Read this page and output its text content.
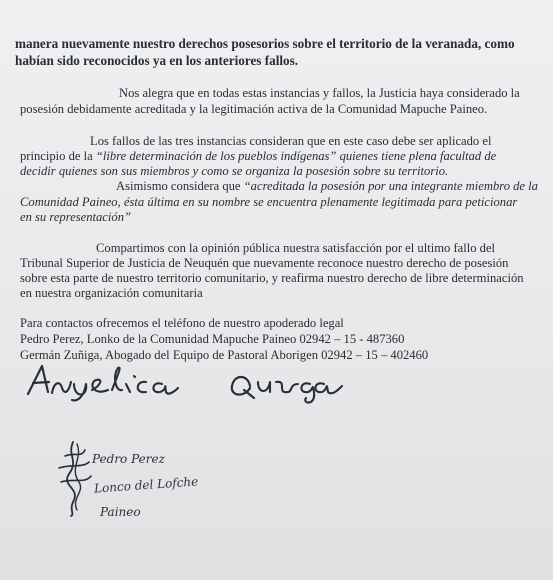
manera nuevamente nuestro derechos posesorios sobre el territorio de la veranada, como
habían sido reconocidos ya en los anteriores fallos.
Nos alegra que en todas estas instancias y fallos, la Justicia haya considerado la
posesión debidamente acreditada y la legitimación activa de la Comunidad Mapuche Paineo.
Los fallos de las tres instancias consideran que en este caso debe ser aplicado el
principio de la “libre determinación de los pueblos indígenas” quienes tiene plena facultad de
decidir quienes son sus miembros y como se organiza la posesión sobre su territorio.
Asimismo considera que “acreditada la posesión por una integrante miembro de la
Comunidad Paineo, ésta última en su nombre se encuentra plenamente legitimada para peticionar
en su representación”
Compartimos con la opinión pública nuestra satisfacción por el ultimo fallo del
Tribunal Superior de Justicia de Neuquén que nuevamente reconoce nuestro derecho de posesión
sobre esta parte de nuestro territorio comunitario, y reafirma nuestro derecho de libre determinación
en nuestra organización comunitaria
Para contactos ofrecemos el teléfono de nuestro apoderado legal
Pedro Perez, Lonko de la Comunidad Mapuche Paineo 02942 – 15 - 487360
Germán Zuñiga, Abogado del Equipo de Pastoral Aborigen 02942 – 15 – 402460
Pedro Perez
Lonco del Lofche
Paineo
